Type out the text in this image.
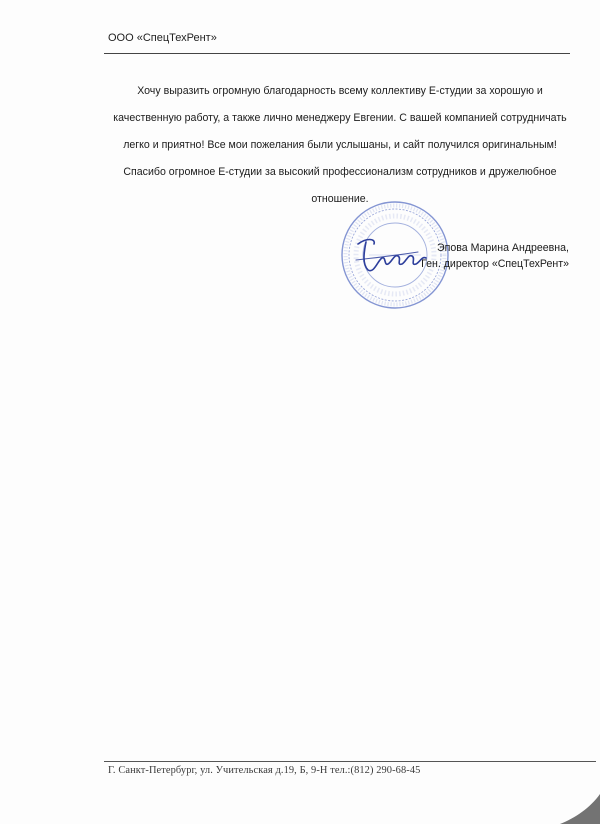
ООО «СпецТехРент»

Хочу выразить огромную благодарность всему коллективу Е-студии за хорошую и качественную работу, а также лично менеджеру Евгении. С вашей компанией сотрудничать легко и приятно! Все мои пожелания были услышаны, и сайт получился оригинальным! Спасибо огромное Е-студии за высокий профессионализм сотрудников и дружелюбное отношение.

Эпова Марина Андреевна,
Ген. директор «СпецТехРент»
Г. Санкт-Петербург, ул. Учительская д.19, Б, 9-Н тел.:(812) 290-68-45
